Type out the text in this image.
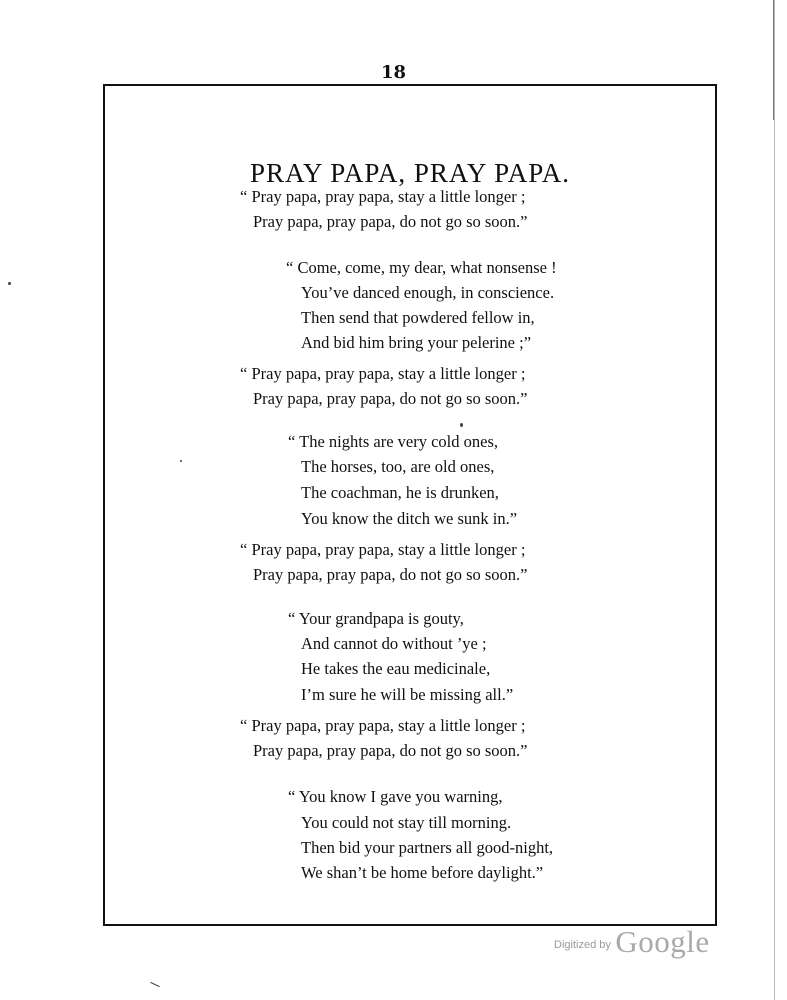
18
PRAY PAPA, PRAY PAPA.
“ Pray papa, pray papa, stay a little longer ;
Pray papa, pray papa, do not go so soon.”
“ Come, come, my dear, what nonsense !
You’ve danced enough, in conscience.
Then send that powdered fellow in,
And bid him bring your pelerine ;”
“ Pray papa, pray papa, stay a little longer ;
Pray papa, pray papa, do not go so soon.”
“ The nights are very cold ones,
The horses, too, are old ones,
The coachman, he is drunken,
You know the ditch we sunk in.”
“ Pray papa, pray papa, stay a little longer ;
Pray papa, pray papa, do not go so soon.”
“ Your grandpapa is gouty,
And cannot do without ’ye ;
He takes the eau medicinale,
I’m sure he will be missing all.”
“ Pray papa, pray papa, stay a little longer ;
Pray papa, pray papa, do not go so soon.”
“ You know I gave you warning,
You could not stay till morning.
Then bid your partners all good-night,
We shan’t be home before daylight.”
$^{Digitized by}$ Google
